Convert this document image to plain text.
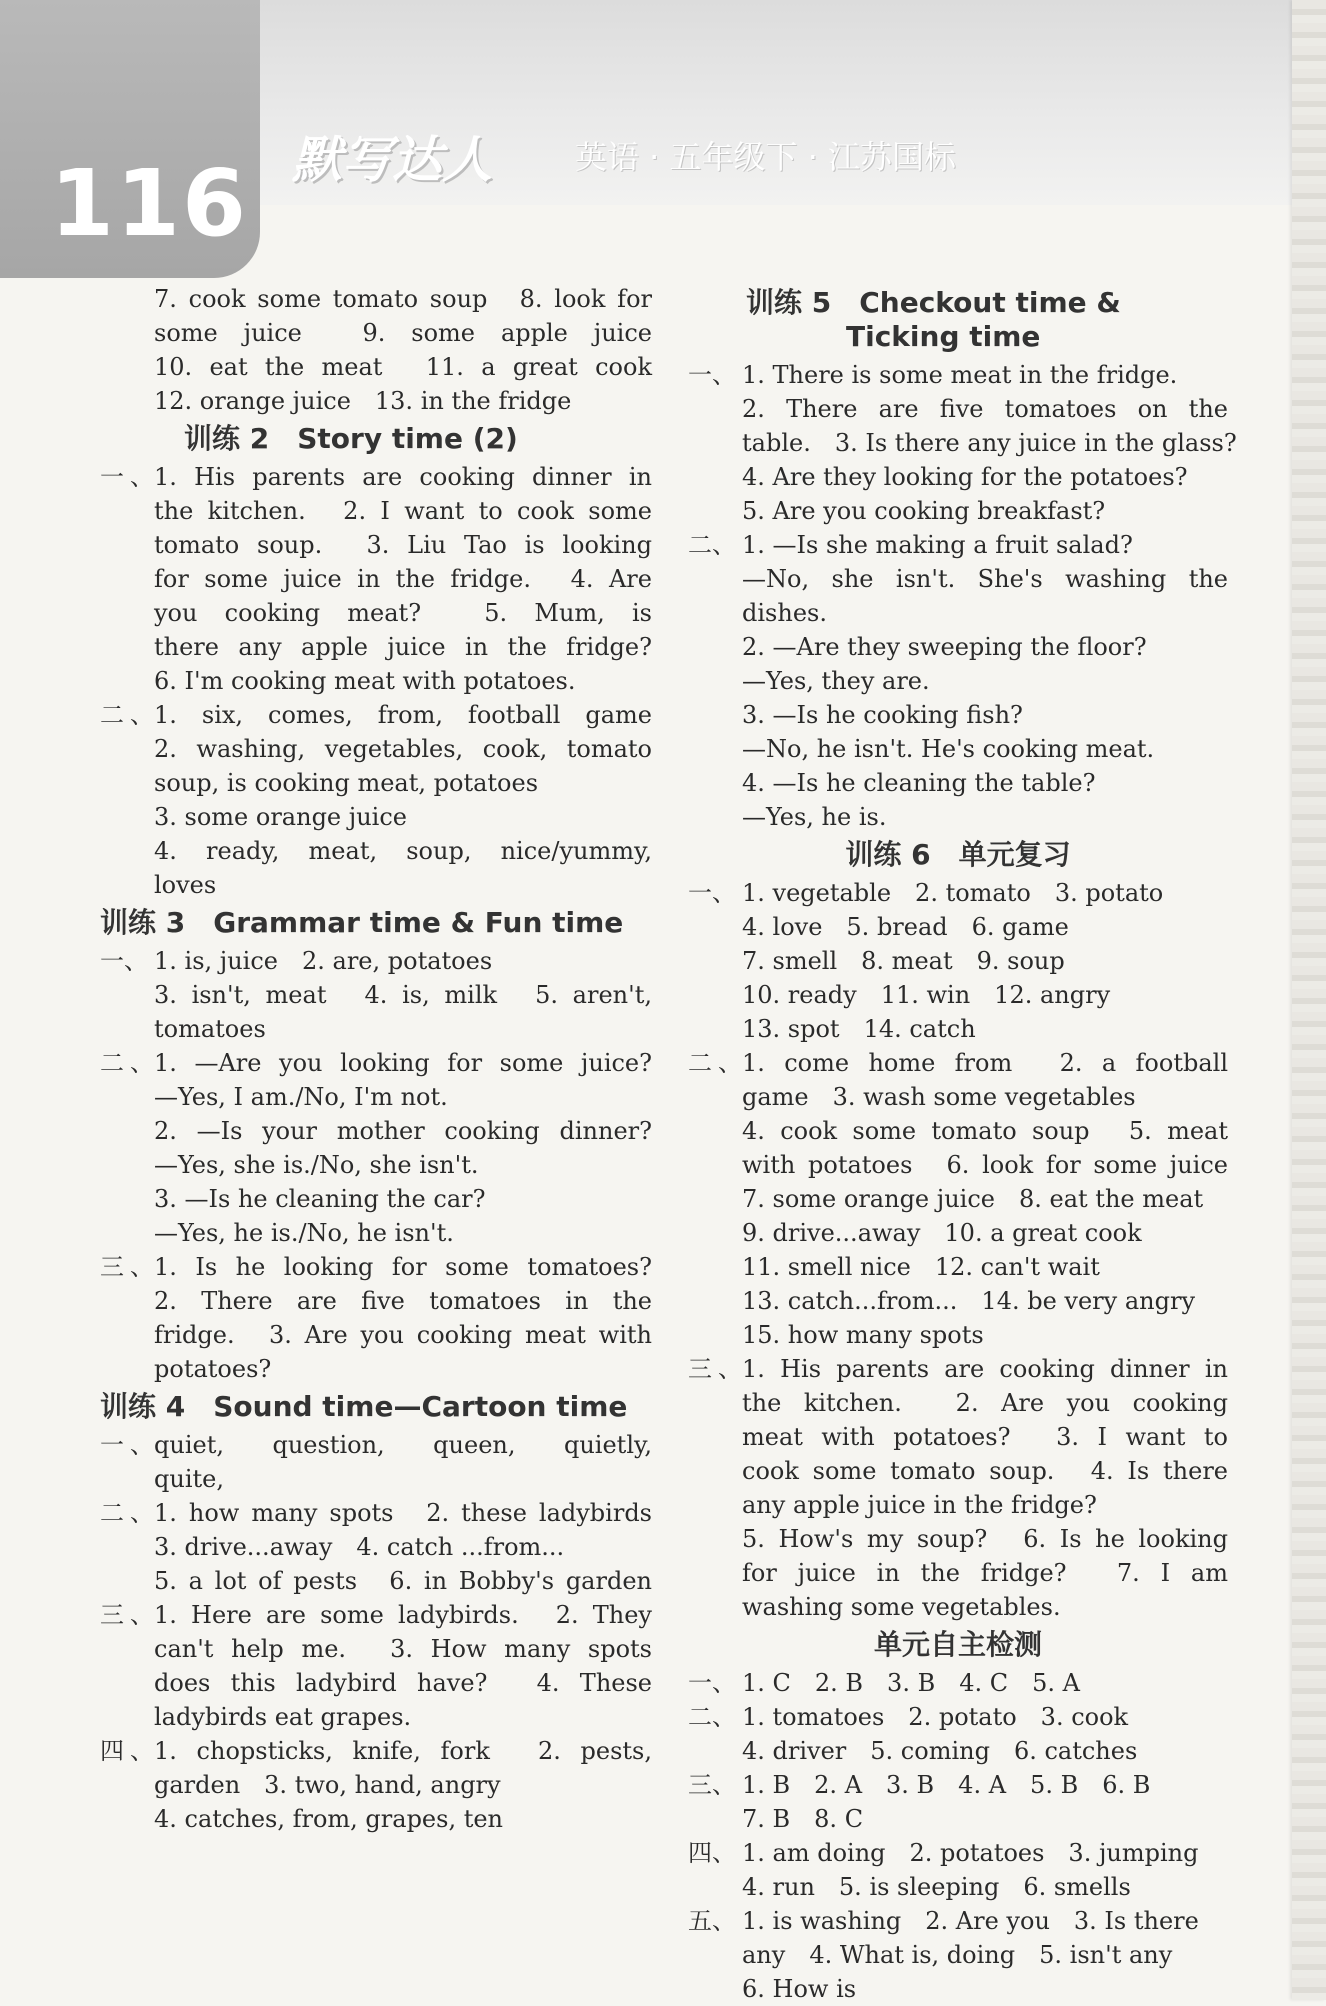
116 默写达人	英语 · 五年级下 · 江苏国标
7. cook some tomato soup　8. look for
some juice　9. some apple juice
10. eat the meat　11. a great cook
12. orange juice　13. in the fridge
训练 2　Story time (2)
一、1. His parents are cooking dinner in
the kitchen.　2. I want to cook some
tomato soup.　3. Liu Tao is looking
for some juice in the fridge.　4. Are
you cooking meat?　5. Mum, is
there any apple juice in the fridge?
6. I'm cooking meat with potatoes.
二、1. six, comes, from, football game
2. washing, vegetables, cook, tomato
soup, is cooking meat, potatoes
3. some orange juice
4. ready, meat, soup, nice/yummy,
loves
训练 3　Grammar time & Fun time
一、 1. is, juice　2. are, potatoes
3. isn't, meat　4. is, milk　5. aren't,
tomatoes
二、1. —Are you looking for some juice?
—Yes, I am./No, I'm not.
2. —Is your mother cooking dinner?
—Yes, she is./No, she isn't.
3. —Is he cleaning the car?
—Yes, he is./No, he isn't.
三、1. Is he looking for some tomatoes?
2. There are five tomatoes in the
fridge.　3. Are you cooking meat with
potatoes?
训练 4　Sound time—Cartoon time
一、quiet, question, queen, quietly,
quite,
二、1. how many spots　2. these ladybirds
3. drive...away　4. catch ...from...
5. a lot of pests　6. in Bobby's garden
三、1. Here are some ladybirds.　2. They
can't help me.　3. How many spots
does this ladybird have?　4. These
ladybirds eat grapes.
四、1. chopsticks, knife, fork　2. pests,
garden　3. two, hand, angry
4. catches, from, grapes, ten
训练 5　Checkout time &
Ticking time
一、 1. There is some meat in the fridge.
2. There are five tomatoes on the
table.　3. Is there any juice in the glass?
4. Are they looking for the potatoes?
5. Are you cooking breakfast?
二、 1. —Is she making a fruit salad?
—No, she isn't. She's washing the
dishes.
2. —Are they sweeping the floor?
—Yes, they are.
3. —Is he cooking fish?
—No, he isn't. He's cooking meat.
4. —Is he cleaning the table?
—Yes, he is.
训练 6　单元复习
一、 1. vegetable　2. tomato　3. potato
4. love　5. bread　6. game
7. smell　8. meat　9. soup
10. ready　11. win　12. angry
13. spot　14. catch
二、1. come home from　2. a football
game　3. wash some vegetables
4. cook some tomato soup　5. meat
with potatoes　6. look for some juice
7. some orange juice　8. eat the meat
9. drive...away　10. a great cook
11. smell nice　12. can't wait
13. catch...from...　14. be very angry
15. how many spots
三、1. His parents are cooking dinner in
the kitchen.　2. Are you cooking
meat with potatoes?　3. I want to
cook some tomato soup.　4. Is there
any apple juice in the fridge?
5. How's my soup?　6. Is he looking
for juice in the fridge?　7. I am
washing some vegetables.
单元自主检测
一、 1. C　2. B　3. B　4. C　5. A
二、 1. tomatoes　2. potato　3. cook
4. driver　5. coming　6. catches
三、 1. B　2. A　3. B　4. A　5. B　6. B
7. B　8. C
四、 1. am doing　2. potatoes　3. jumping
4. run　5. is sleeping　6. smells
五、 1. is washing　2. Are you　3. Is there
any　4. What is, doing　5. isn't any
6. How is
